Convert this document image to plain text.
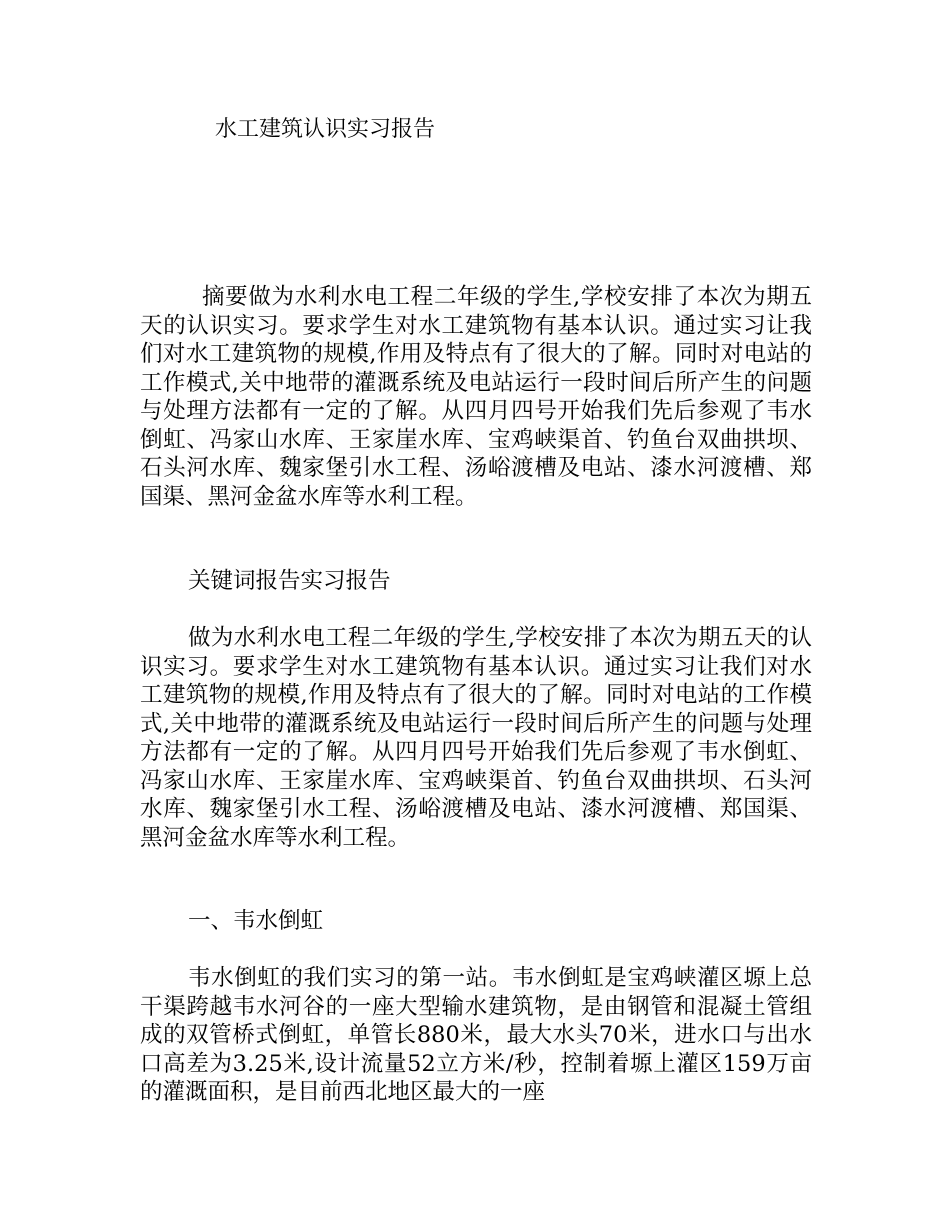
水工建筑认识实习报告
摘要做为水利水电工程二年级的学生,学校安排了本次为期五天的认识实习。要求学生对水工建筑物有基本认识。通过实习让我们对水工建筑物的规模,作用及特点有了很大的了解。同时对电站的工作模式,关中地带的灌溉系统及电站运行一段时间后所产生的问题与处理方法都有一定的了解。从四月四号开始我们先后参观了韦水倒虹、冯家山水库、王家崖水库、宝鸡峡渠首、钓鱼台双曲拱坝、石头河水库、魏家堡引水工程、汤峪渡槽及电站、漆水河渡槽、郑国渠、黑河金盆水库等水利工程。
关键词报告实习报告
做为水利水电工程二年级的学生,学校安排了本次为期五天的认识实习。要求学生对水工建筑物有基本认识。通过实习让我们对水工建筑物的规模,作用及特点有了很大的了解。同时对电站的工作模式,关中地带的灌溉系统及电站运行一段时间后所产生的问题与处理方法都有一定的了解。从四月四号开始我们先后参观了韦水倒虹、冯家山水库、王家崖水库、宝鸡峡渠首、钓鱼台双曲拱坝、石头河水库、魏家堡引水工程、汤峪渡槽及电站、漆水河渡槽、郑国渠、黑河金盆水库等水利工程。
一、韦水倒虹
韦水倒虹的我们实习的第一站。韦水倒虹是宝鸡峡灌区塬上总干渠跨越韦水河谷的一座大型输水建筑物，是由钢管和混凝土管组成的双管桥式倒虹，单管长880米，最大水头70米，进水口与出水口高差为3.25米,设计流量52立方米/秒，控制着塬上灌区159万亩的灌溉面积，是目前西北地区最大的一座
